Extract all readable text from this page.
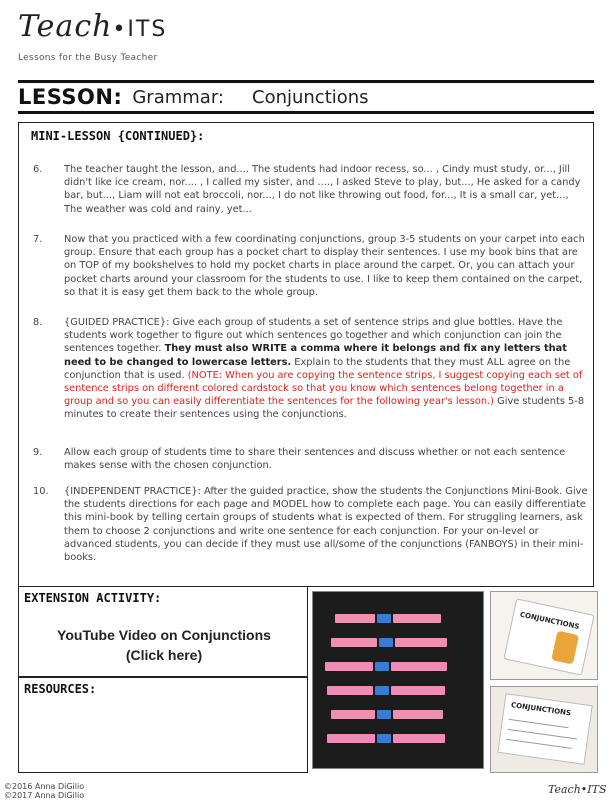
Teach•ITS
Lessons for the Busy Teacher
LESSON: Grammar: Conjunctions
MINI-LESSON {CONTINUED}:
6.	The teacher taught the lesson, and.... The students had indoor recess, so... , Cindy must study, or..., Jill didn't like ice cream, nor.... , I called my sister, and ...., I asked Steve to play, but..., He asked for a candy bar, but..., Liam will not eat broccoli, nor..., I do not like throwing out food, for..., It is a small car, yet..., The weather was cold and rainy, yet...
7.	Now that you practiced with a few coordinating conjunctions, group 3-5 students on your carpet into each group. Ensure that each group has a pocket chart to display their sentences. I use my book bins that are on TOP of my bookshelves to hold my pocket charts in place around the carpet. Or, you can attach your pocket charts around your classroom for the students to use. I like to keep them contained on the carpet, so that it is easy get them back to the whole group.
8.	{GUIDED PRACTICE}: Give each group of students a set of sentence strips and glue bottles. Have the students work together to figure out which sentences go together and which conjunction can join the sentences together. They must also WRITE a comma where it belongs and fix any letters that need to be changed to lowercase letters. Explain to the students that they must ALL agree on the conjunction that is used. (NOTE: When you are copying the sentence strips, I suggest copying each set of sentence strips on different colored cardstock so that you know which sentences belong together in a group and so you can easily differentiate the sentences for the following year's lesson.) Give students 5-8 minutes to create their sentences using the conjunctions.
9.	Allow each group of students time to share their sentences and discuss whether or not each sentence makes sense with the chosen conjunction.
10.	{INDEPENDENT PRACTICE}: After the guided practice, show the students the Conjunctions Mini-Book. Give the students directions for each page and MODEL how to complete each page. You can easily differentiate this mini-book by telling certain groups of students what is expected of them. For struggling learners, ask them to choose 2 conjunctions and write one sentence for each conjunction. For your on-level or advanced students, you can decide if they must use all/some of the conjunctions (FANBOYS) in their mini-books.
EXTENSION ACTIVITY:
YouTube Video on Conjunctions
(Click here)
RESOURCES:
CONJUNCTIONS
CONJUNCTIONS
©2016 Anna DiGilio
©2017 Anna DiGilio	Teach•ITS
